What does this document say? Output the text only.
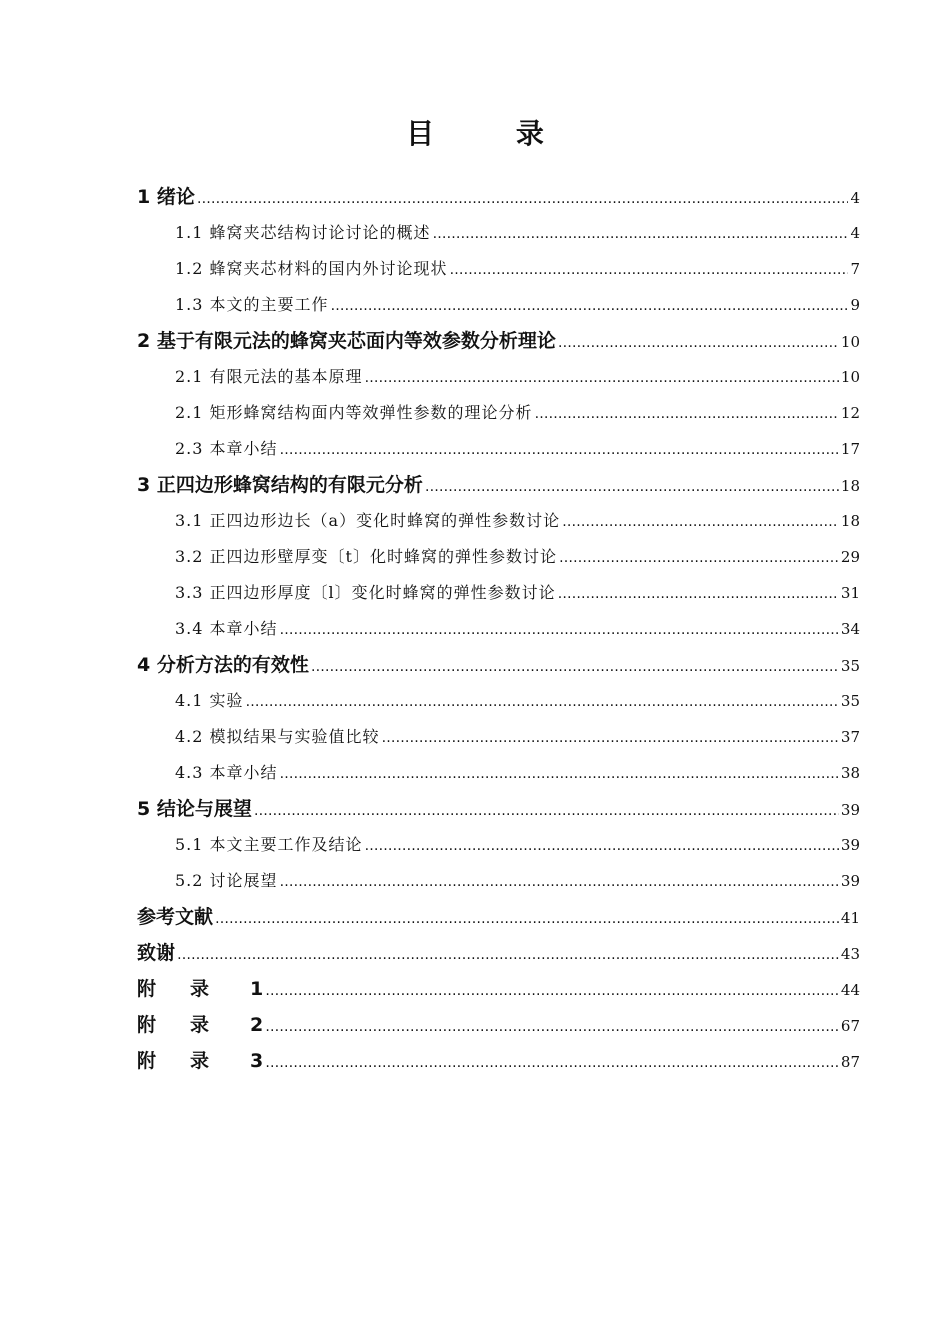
目 录
1 绪论 …………………………………………………………………………………………………………………………………………………………………………………………	4
1.1 蜂窝夹芯结构讨论讨论的概述 …………………………………………………………………………………………………………………………………………………………………………………………	4
1.2 蜂窝夹芯材料的国内外讨论现状 …………………………………………………………………………………………………………………………………………………………………………………………	7
1.3 本文的主要工作 …………………………………………………………………………………………………………………………………………………………………………………………	9
2 基于有限元法的蜂窝夹芯面内等效参数分析理论 …………………………………………………………………………………………………………………………………………………………………………………………	10
2.1 有限元法的基本原理 …………………………………………………………………………………………………………………………………………………………………………………………	10
2.1 矩形蜂窝结构面内等效弹性参数的理论分析 …………………………………………………………………………………………………………………………………………………………………………………………	12
2.3 本章小结 …………………………………………………………………………………………………………………………………………………………………………………………	17
3 正四边形蜂窝结构的有限元分析 …………………………………………………………………………………………………………………………………………………………………………………………	18
3.1 正四边形边长（a）变化时蜂窝的弹性参数讨论 …………………………………………………………………………………………………………………………………………………………………………………………	18
3.2 正四边形壁厚变〔t〕化时蜂窝的弹性参数讨论 …………………………………………………………………………………………………………………………………………………………………………………………	29
3.3 正四边形厚度〔l〕变化时蜂窝的弹性参数讨论 …………………………………………………………………………………………………………………………………………………………………………………………	31
3.4 本章小结 …………………………………………………………………………………………………………………………………………………………………………………………	34
4 分析方法的有效性 …………………………………………………………………………………………………………………………………………………………………………………………	35
4.1 实验 …………………………………………………………………………………………………………………………………………………………………………………………	35
4.2 模拟结果与实验值比较 …………………………………………………………………………………………………………………………………………………………………………………………	37
4.3 本章小结 …………………………………………………………………………………………………………………………………………………………………………………………	38
5 结论与展望 …………………………………………………………………………………………………………………………………………………………………………………………	39
5.1 本文主要工作及结论 …………………………………………………………………………………………………………………………………………………………………………………………	39
5.2 讨论展望 …………………………………………………………………………………………………………………………………………………………………………………………	39
参考文献 …………………………………………………………………………………………………………………………………………………………………………………………	41
致谢 …………………………………………………………………………………………………………………………………………………………………………………………	43
附 录 1 …………………………………………………………………………………………………………………………………………………………………………………………	44
附 录 2 …………………………………………………………………………………………………………………………………………………………………………………………	67
附 录 3 …………………………………………………………………………………………………………………………………………………………………………………………	87
